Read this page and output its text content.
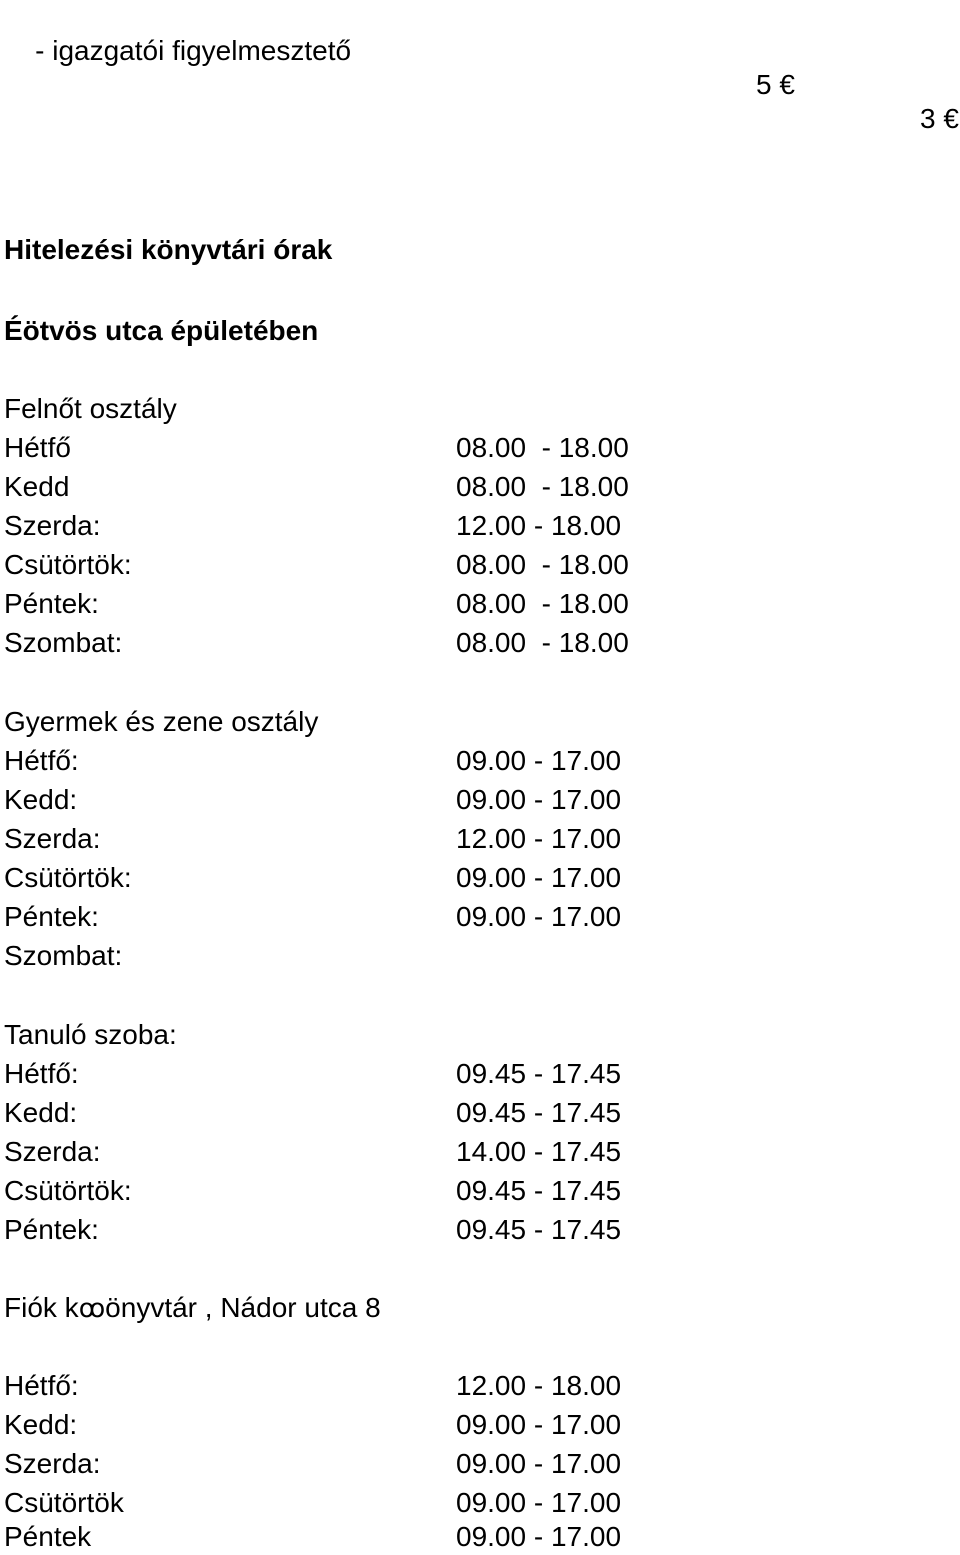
- igazgatói figyelmesztető

5 €

3 €

Hitelezési könyvtári órak
Éötvös utca épületében
Felnőt osztály
Hétfő	08.00  - 18.00
Kedd	08.00  - 18.00
Szerda:	12.00 - 18.00
Csütörtök:	08.00  - 18.00
Péntek:	08.00  - 18.00
Szombat:	08.00  - 18.00
Gyermek és zene osztály
Hétfő:	09.00 - 17.00
Kedd:	09.00 - 17.00
Szerda:	12.00 - 17.00
Csütörtök:	09.00 - 17.00
Péntek:	09.00 - 17.00
Szombat:
Tanuló szoba:
Hétfő:	09.45 - 17.45
Kedd:	09.45 - 17.45
Szerda:	14.00 - 17.45
Csütörtök:	09.45 - 17.45
Péntek:	09.45 - 17.45
Fiók kꝏönyvtár , Nádor utca 8
Hétfő:	12.00 - 18.00
Kedd:	09.00 - 17.00
Szerda:	09.00 - 17.00
Csütörtök	09.00 - 17.00
Péntek	09.00 - 17.00
